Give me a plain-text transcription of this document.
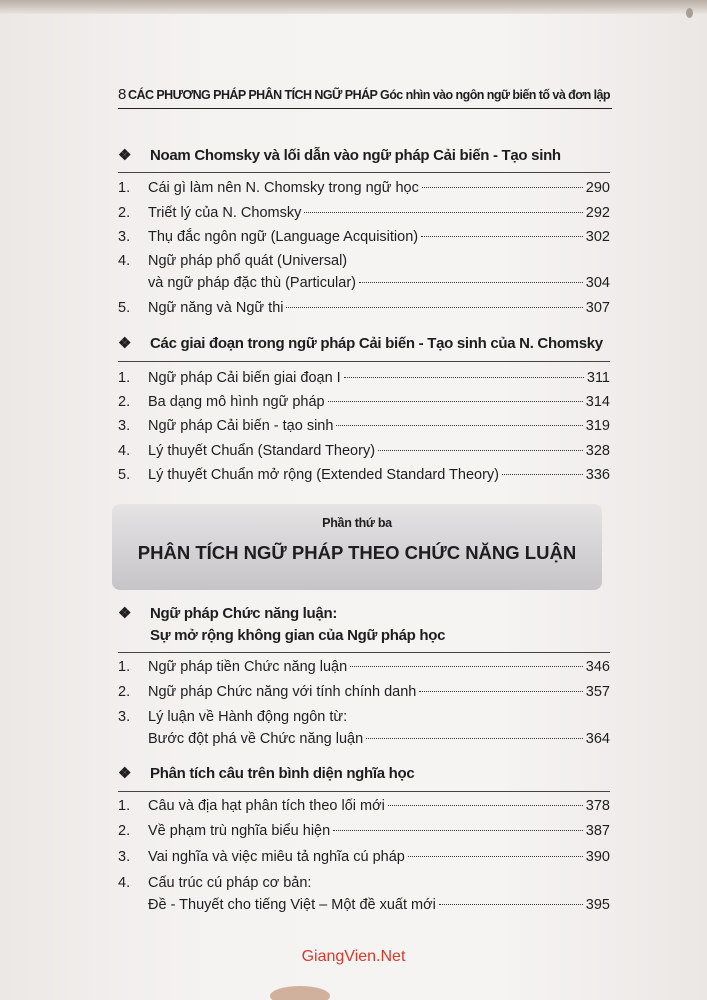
8 CÁC PHƯƠNG PHÁP PHÂN TÍCH NGỮ PHÁP Góc nhìn vào ngôn ngữ biến tố và đơn lập
❖ Noam Chomsky và lối dẫn vào ngữ pháp Cải biến - Tạo sinh
1. Cái gì làm nên N. Chomsky trong ngữ học	290
2. Triết lý của N. Chomsky	292
3. Thụ đắc ngôn ngữ (Language Acquisition)	302
4. Ngữ pháp phổ quát (Universal)
và ngữ pháp đặc thù (Particular)	304
5. Ngữ năng và Ngữ thi	307
❖ Các giai đoạn trong ngữ pháp Cải biến - Tạo sinh của N. Chomsky
1. Ngữ pháp Cải biến giai đoạn I	311
2. Ba dạng mô hình ngữ pháp	314
3. Ngữ pháp Cải biến - tạo sinh	319
4. Lý thuyết Chuẩn (Standard Theory)	328
5. Lý thuyết Chuẩn mở rộng (Extended Standard Theory)	336
Phần thứ ba
PHÂN TÍCH NGỮ PHÁP THEO CHỨC NĂNG LUẬN
❖ Ngữ pháp Chức năng luận:
Sự mở rộng không gian của Ngữ pháp học
1. Ngữ pháp tiền Chức năng luận	346
2. Ngữ pháp Chức năng với tính chính danh	357
3. Lý luận về Hành động ngôn từ:
Bước đột phá về Chức năng luận	364
❖ Phân tích câu trên bình diện nghĩa học
1. Câu và địa hạt phân tích theo lối mới	378
2. Về phạm trù nghĩa biểu hiện	387
3. Vai nghĩa và việc miêu tả nghĩa cú pháp	390
4. Cấu trúc cú pháp cơ bản:
Đề - Thuyết cho tiếng Việt – Một đề xuất mới	395
GiangVien.Net
